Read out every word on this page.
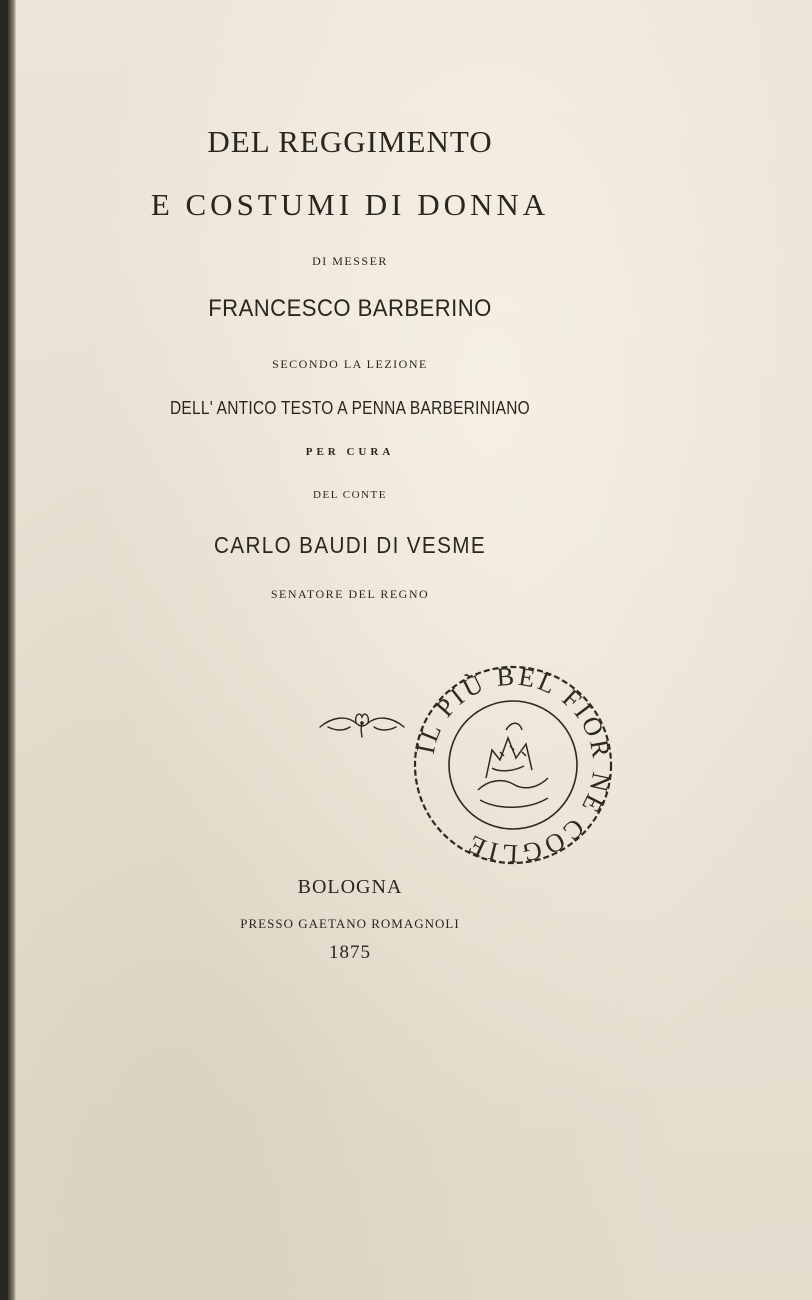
DEL REGGIMENTO
E COSTUMI DI DONNA
DI MESSER
FRANCESCO BARBERINO
SECONDO LA LEZIONE
DELL' ANTICO TESTO A PENNA BARBERINIANO
PER CURA
DEL CONTE
CARLO BAUDI DI VESME
SENATORE DEL REGNO
IL PIÙ BEL FIOR NE COGLIE
BOLOGNA
PRESSO GAETANO ROMAGNOLI
1875
